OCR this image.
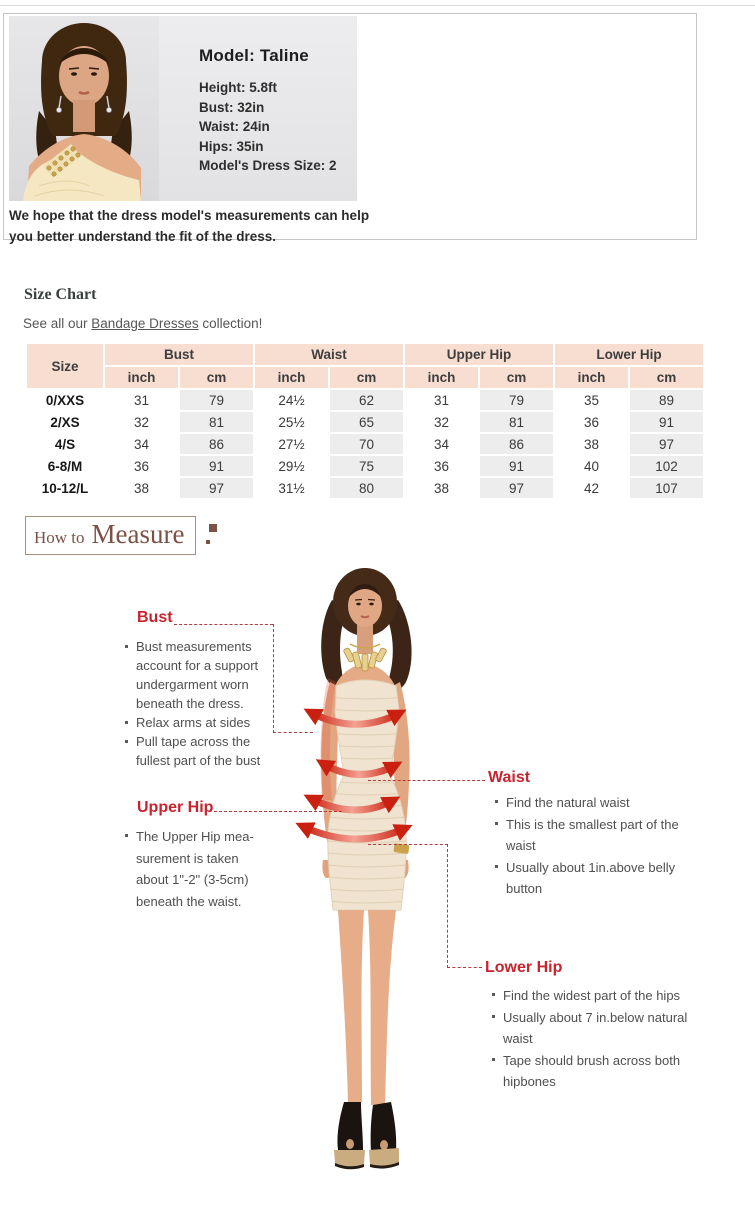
Model: Taline
Height: 5.8ft
Bust: 32in
Waist: 24in
Hips: 35in
Model's Dress Size: 2
We hope that the dress model's measurements can help
you better understand the fit of the dress.
Size Chart

See all our Bandage Dresses collection!

Size	Bust		Waist		Upper Hip		Lower Hip	
	inch	cm	inch	cm	inch	cm	inch	cm
0/XXS	31	79	24½	62	31	79	35	89
2/XS	32	81	25½	65	32	81	36	91
4/S	34	86	27½	70	34	86	38	97
6-8/M	36	91	29½	75	36	91	40	102
10-12/L	38	97	31½	80	38	97	42	107
How to Measure
Bust
Bust measurements account for a support undergarment worn beneath the dress.
Relax arms at sides
Pull tape across the fullest part of the bust
Upper Hip
The Upper Hip mea-surement is taken about 1"-2" (3-5cm) beneath the waist.
Waist
Find the natural waist
This is the smallest part of the waist
Usually about 1in.above belly button
Lower Hip
Find the widest part of the hips
Usually about 7 in.below natural waist
Tape should brush across both hipbones
